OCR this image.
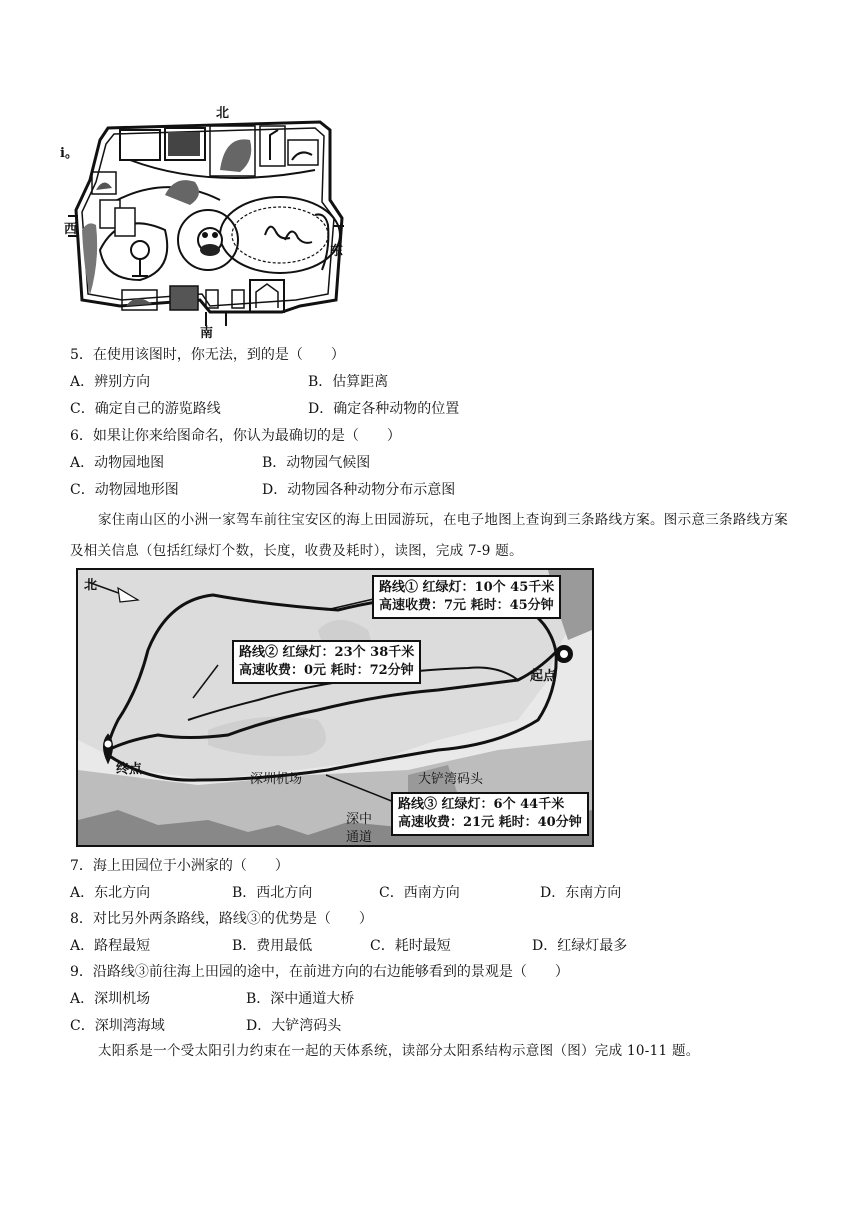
北
南
西
东
i。
5．在使用该图时，你无法，到的是（　　）
A．辨别方向	B．估算距离
C．确定自己的游览路线	D．确定各种动物的位置
6．如果让你来给图命名，你认为最确切的是（　　）
A．动物园地图	B．动物园气候图
C．动物园地形图	D．动物园各种动物分布示意图
家住南山区的小洲一家驾车前往宝安区的海上田园游玩，在电子地图上查询到三条路线方案。图示意三条路线方案及相关信息（包括红绿灯个数，长度，收费及耗时），读图，完成 7-9 题。
北	路线① 红绿灯：10个 45千米
高速收费：7元 耗时：45分钟
路线② 红绿灯：23个 38千米
高速收费：0元 耗时：72分钟
路线③ 红绿灯：6个 44千米
高速收费：21元 耗时：40分钟
起点
终点
深圳机场	大铲湾码头
深中
通道
7．海上田园位于小洲家的（　　）
A．东北方向	B．西北方向	C．西南方向	D．东南方向
8．对比另外两条路线，路线③的优势是（　　）
A．路程最短	B．费用最低	C．耗时最短	D．红绿灯最多
9．沿路线③前往海上田园的途中，在前进方向的右边能够看到的景观是（　　）
A．深圳机场	B．深中通道大桥
C．深圳湾海域	D．大铲湾码头
太阳系是一个受太阳引力约束在一起的天体系统，读部分太阳系结构示意图（图）完成 10-11 题。
